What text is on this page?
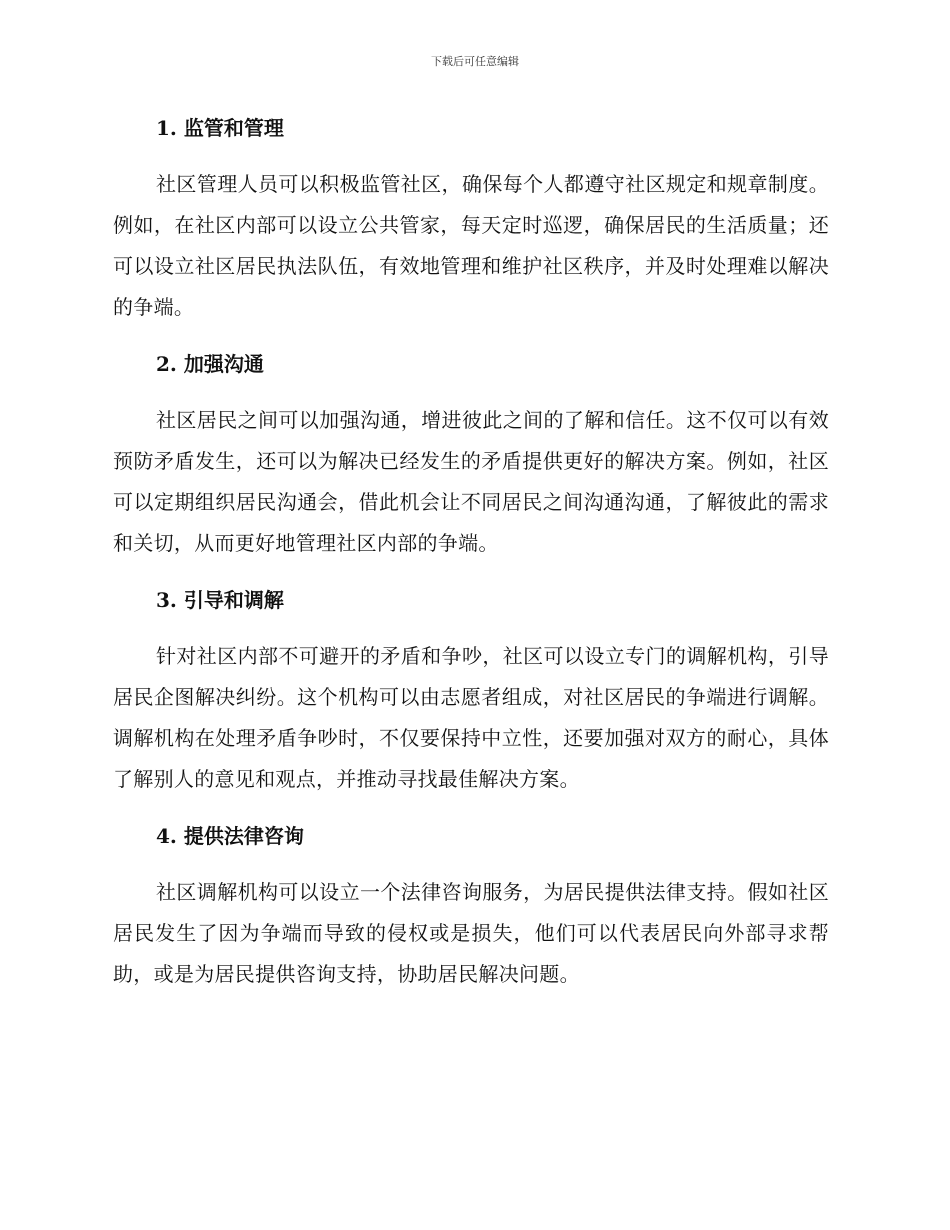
下载后可任意编辑
1. 监管和管理

社区管理人员可以积极监管社区，确保每个人都遵守社区规定和规章制度。例如，在社区内部可以设立公共管家，每天定时巡逻，确保居民的生活质量；还可以设立社区居民执法队伍，有效地管理和维护社区秩序，并及时处理难以解决的争端。

2. 加强沟通

社区居民之间可以加强沟通，增进彼此之间的了解和信任。这不仅可以有效预防矛盾发生，还可以为解决已经发生的矛盾提供更好的解决方案。例如，社区可以定期组织居民沟通会，借此机会让不同居民之间沟通沟通，了解彼此的需求和关切，从而更好地管理社区内部的争端。

3. 引导和调解

针对社区内部不可避开的矛盾和争吵，社区可以设立专门的调解机构，引导居民企图解决纠纷。这个机构可以由志愿者组成，对社区居民的争端进行调解。调解机构在处理矛盾争吵时，不仅要保持中立性，还要加强对双方的耐心，具体了解别人的意见和观点，并推动寻找最佳解决方案。

4. 提供法律咨询

社区调解机构可以设立一个法律咨询服务，为居民提供法律支持。假如社区居民发生了因为争端而导致的侵权或是损失，他们可以代表居民向外部寻求帮助，或是为居民提供咨询支持，协助居民解决问题。
